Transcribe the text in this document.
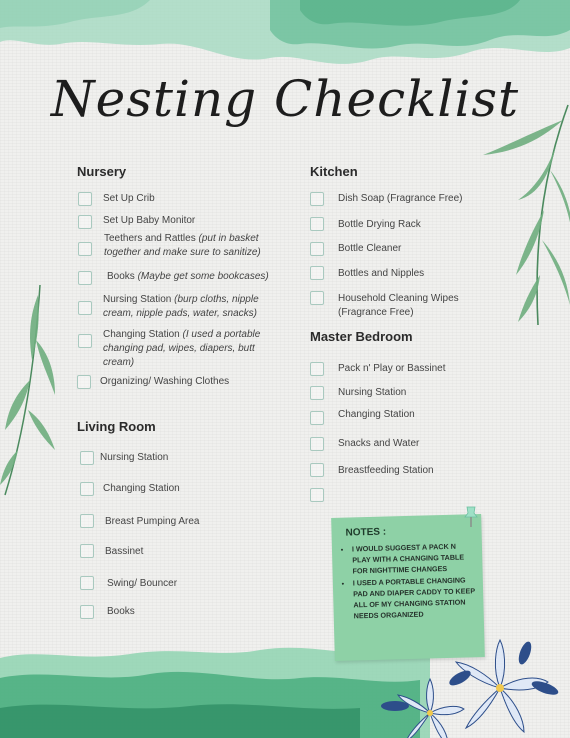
Nesting Checklist
Nursery
Set Up Crib
Set Up Baby Monitor
Teethers and Rattles (put in basket together and make sure to sanitize)
Books (Maybe get some bookcases)
Nursing Station (burp cloths, nipple cream, nipple pads, water, snacks)
Changing Station (I used a portable changing pad, wipes, diapers, butt cream)
Organizing/ Washing Clothes
Living Room
Nursing Station
Changing Station
Breast Pumping Area
Bassinet
Swing/ Bouncer
Books
Kitchen
Dish Soap (Fragrance Free)
Bottle Drying Rack
Bottle Cleaner
Bottles and Nipples
Household Cleaning Wipes (Fragrance Free)
Master Bedroom
Pack n' Play or Bassinet
Nursing Station
Changing Station
Snacks and Water
Breastfeeding Station
NOTES :
• I WOULD SUGGEST A PACK N PLAY WITH A CHANGING TABLE FOR NIGHTTIME CHANGES
• I USED A PORTABLE CHANGING PAD AND DIAPER CADDY TO KEEP ALL OF MY CHANGING STATION NEEDS ORGANIZED
